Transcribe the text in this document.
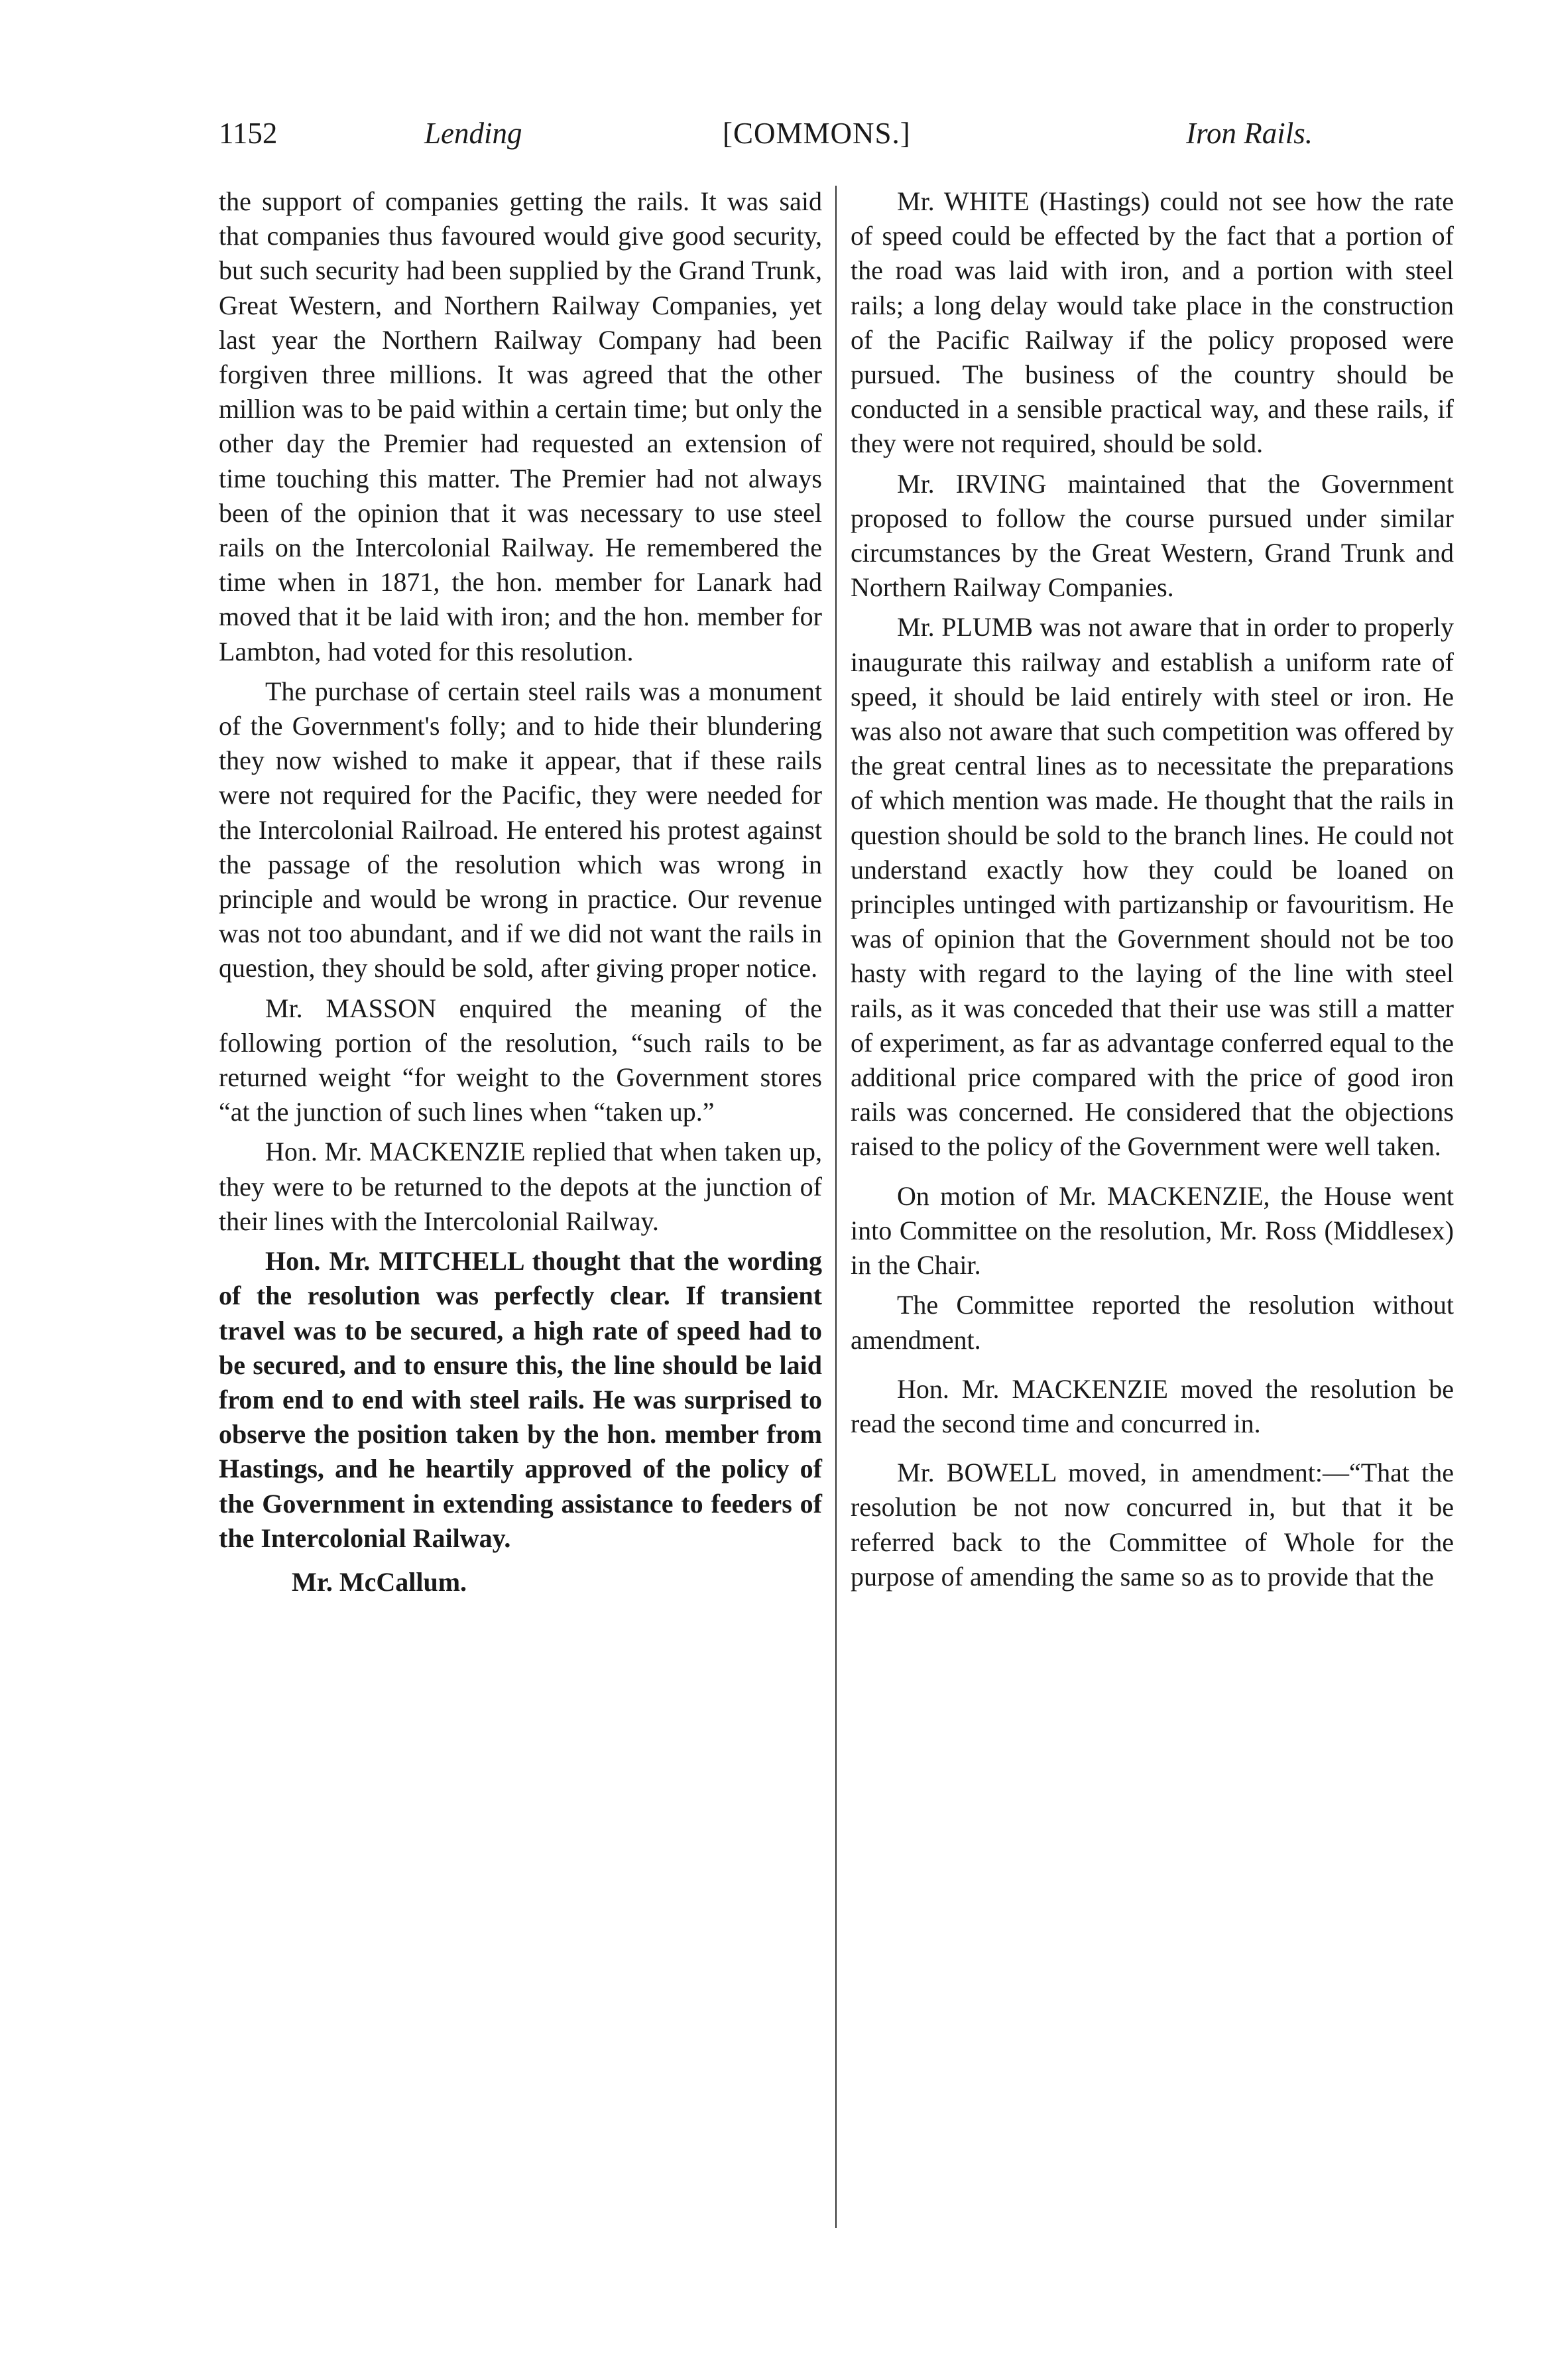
1152	Lending	[COMMONS.]	Iron Rails.

the support of companies getting the rails. It was said that companies thus favoured would give good security, but such security had been supplied by the Grand Trunk, Great Western, and Northern Railway Companies, yet last year the Northern Railway Company had been forgiven three millions. It was agreed that the other million was to be paid within a certain time; but only the other day the Premier had requested an extension of time touching this matter. The Premier had not always been of the opinion that it was necessary to use steel rails on the Intercolonial Railway. He remembered the time when in 1871, the hon. member for Lanark had moved that it be laid with iron; and the hon. member for Lambton, had voted for this resolution.

The purchase of certain steel rails was a monument of the Government's folly; and to hide their blundering they now wished to make it appear, that if these rails were not required for the Pacific, they were needed for the Intercolonial Railroad. He entered his protest against the passage of the resolution which was wrong in principle and would be wrong in practice. Our revenue was not too abundant, and if we did not want the rails in question, they should be sold, after giving proper notice.

Mr. MASSON enquired the meaning of the following portion of the resolution, “such rails to be returned weight “for weight to the Government stores “at the junction of such lines when “taken up.”

Hon. Mr. MACKENZIE replied that when taken up, they were to be returned to the depots at the junction of their lines with the Intercolonial Railway.

Hon. Mr. MITCHELL thought that the wording of the resolution was perfectly clear. If transient travel was to be secured, a high rate of speed had to be secured, and to ensure this, the line should be laid from end to end with steel rails. He was surprised to observe the position taken by the hon. member from Hastings, and he heartily approved of the policy of the Government in extending assistance to feeders of the Intercolonial Railway.

Mr. McCallum.

Mr. WHITE (Hastings) could not see how the rate of speed could be effected by the fact that a portion of the road was laid with iron, and a portion with steel rails; a long delay would take place in the construction of the Pacific Railway if the policy proposed were pursued. The business of the country should be conducted in a sensible practical way, and these rails, if they were not required, should be sold.

Mr. IRVING maintained that the Government proposed to follow the course pursued under similar circumstances by the Great Western, Grand Trunk and Northern Railway Companies.

Mr. PLUMB was not aware that in order to properly inaugurate this railway and establish a uniform rate of speed, it should be laid entirely with steel or iron. He was also not aware that such competition was offered by the great central lines as to necessitate the preparations of which mention was made. He thought that the rails in question should be sold to the branch lines. He could not understand exactly how they could be loaned on principles untinged with partizanship or favouritism. He was of opinion that the Government should not be too hasty with regard to the laying of the line with steel rails, as it was conceded that their use was still a matter of experiment, as far as advantage conferred equal to the additional price compared with the price of good iron rails was concerned. He considered that the objections raised to the policy of the Government were well taken.

On motion of Mr. MACKENZIE, the House went into Committee on the resolution, Mr. Ross (Middlesex) in the Chair.

The Committee reported the resolution without amendment.

Hon. Mr. MACKENZIE moved the resolution be read the second time and concurred in.

Mr. BOWELL moved, in amendment:—“That the resolution be not now concurred in, but that it be referred back to the Committee of Whole for the purpose of amending the same so as to provide that the
